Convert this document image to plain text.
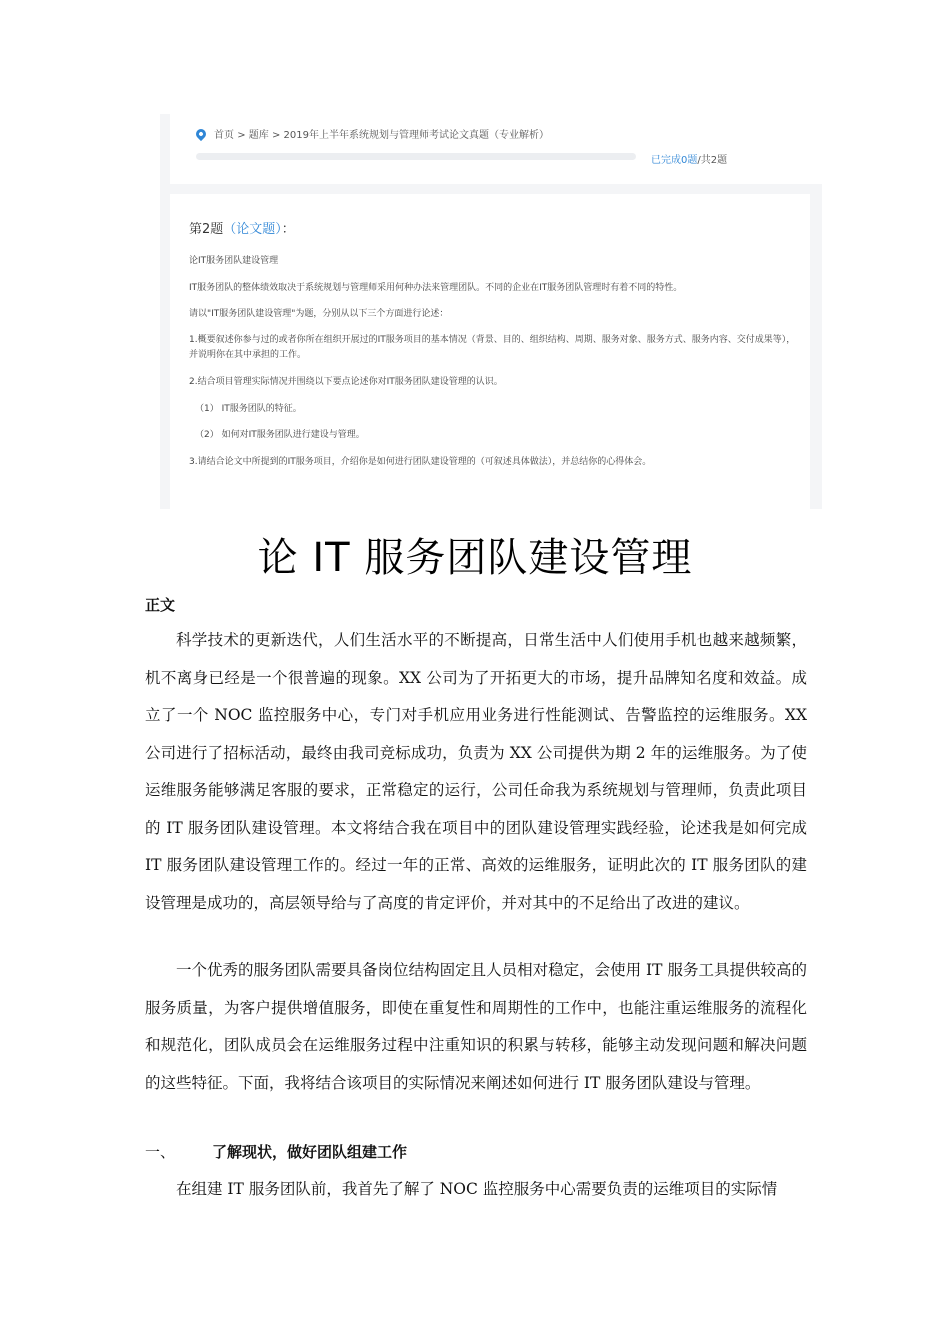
首页 > 题库 > 2019年上半年系统规划与管理师考试论文真题（专业解析）
已完成0题/共2题
第2题（论文题）：
论IT服务团队建设管理
IT服务团队的整体绩效取决于系统规划与管理师采用何种办法来管理团队。不同的企业在IT服务团队管理时有着不同的特性。
请以"IT服务团队建设管理"为题，分别从以下三个方面进行论述：
1.概要叙述你参与过的或者你所在组织开展过的IT服务项目的基本情况（背景、目的、组织结构、周期、服务对象、服务方式、服务内容、交付成果等），并说明你在其中承担的工作。
2.结合项目管理实际情况并围绕以下要点论述你对IT服务团队建设管理的认识。
（1） IT服务团队的特征。
（2） 如何对IT服务团队进行建设与管理。
3.请结合论文中所提到的IT服务项目，介绍你是如何进行团队建设管理的（可叙述具体做法），并总结你的心得体会。
论 IT 服务团队建设管理
正文

科学技术的更新迭代，人们生活水平的不断提高，日常生活中人们使用手机也越来越频繁，机不离身已经是一个很普遍的现象。XX 公司为了开拓更大的市场，提升品牌知名度和效益。成立了一个 NOC 监控服务中心，专门对手机应用业务进行性能测试、告警监控的运维服务。XX 公司进行了招标活动，最终由我司竞标成功，负责为 XX 公司提供为期 2 年的运维服务。为了使运维服务能够满足客服的要求，正常稳定的运行，公司任命我为系统规划与管理师，负责此项目的 IT 服务团队建设管理。本文将结合我在项目中的团队建设管理实践经验，论述我是如何完成 IT 服务团队建设管理工作的。经过一年的正常、高效的运维服务，证明此次的 IT 服务团队的建设管理是成功的，高层领导给与了高度的肯定评价，并对其中的不足给出了改进的建议。

一个优秀的服务团队需要具备岗位结构固定且人员相对稳定，会使用 IT 服务工具提供较高的服务质量，为客户提供增值服务，即使在重复性和周期性的工作中，也能注重运维服务的流程化和规范化，团队成员会在运维服务过程中注重知识的积累与转移，能够主动发现问题和解决问题的这些特征。下面，我将结合该项目的实际情况来阐述如何进行 IT 服务团队建设与管理。

一、 了解现状，做好团队组建工作

在组建 IT 服务团队前，我首先了解了 NOC 监控服务中心需要负责的运维项目的实际情
